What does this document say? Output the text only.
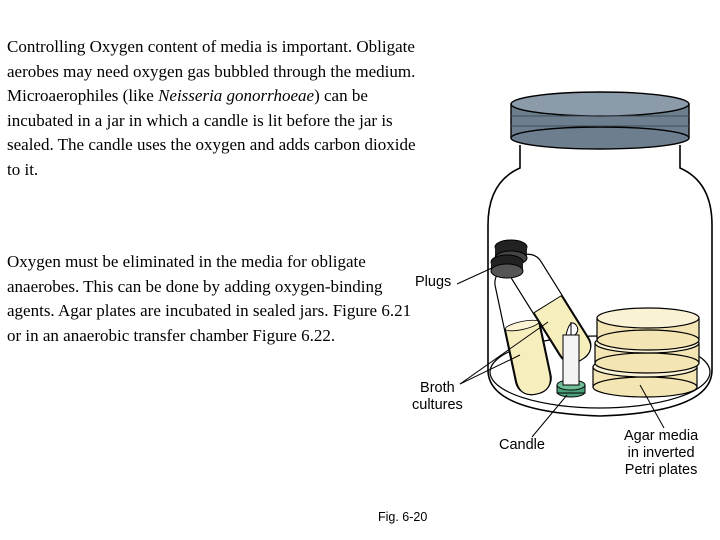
Controlling Oxygen content of media is important. Obligate aerobes may need oxygen gas bubbled through the medium. Microaerophiles (like Neisseria gonorrhoeae) can be incubated in a jar in which a candle is lit before the jar is sealed. The candle uses the oxygen and adds carbon dioxide to it.

Oxygen must be eliminated in the media for obligate anaerobes. This can be done by adding oxygen-binding agents. Agar plates are incubated in sealed jars. Figure 6.21 or in an anaerobic transfer chamber Figure 6.22.

Plugs
Broth
cultures
Candle
Agar media
in inverted
Petri plates
Fig. 6-20
